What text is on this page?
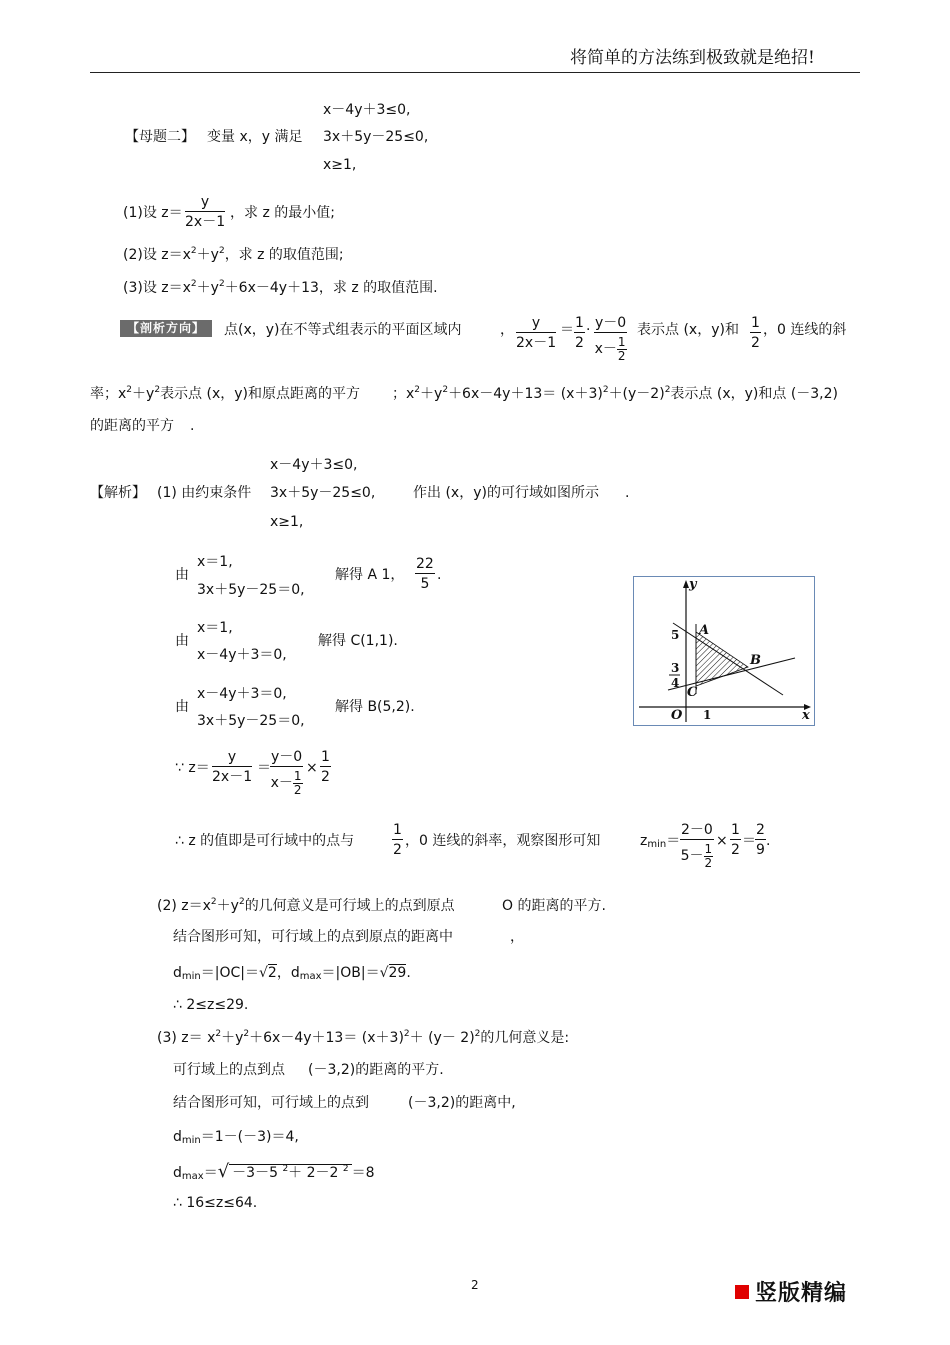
将简单的方法练到极致就是绝招!
【母题二】 变量 x，y 满足
x－4y＋3≤0,
3x＋5y－25≤0,
x≥1,
(1)设 $z= \frac{y}{2x-1}$ ，求 z 的最小值;
(2)设 $z=x^2+y^2$，求 z 的取值范围;
(3)设 $z=x^2+y^2+6x-4y+13$，求 z 的取值范围.
【剖析方向】	点(x，y)在不等式组表示的平面区域内	， $\frac{y}{2x-1} = \frac{1}{2} \cdot \frac{y-0}{x- \frac{1}{2}}$ 表示点 (x，y)和 $\frac{1}{2}$ ，0 连线的斜
率；$x^2+y^2$表示点 (x，y)和原点距离的平方 ；$x^2+y^2+6x-4y+13= (x+3)^2+(y-2)^2$表示点 (x，y)和点 (－3,2)
的距离的平方 .
【解析】 (1) 由约束条件
x－4y＋3≤0,
3x＋5y－25≤0,
x≥1,
作出 (x，y)的可行域如图所示 .
由
x＝1,
3x＋5y－25＝0,
解得 A 1， $\frac{22}{5}$ .
由
x＝1,
x－4y＋3＝0,
解得 C(1,1).
由
x－4y＋3＝0,
3x＋5y－25＝0,
解得 B(5,2).
∵ $z= \frac{y}{2x-1} = \frac{y-0}{x- \frac{1}{2}} \times \frac{1}{2}$
∴ z 的值即是可行域中的点与	$\frac{1}{2}$ ，0 连线的斜率，观察图形可知	$z_{min}= \frac{2-0}{5- \frac{1}{2}} \times \frac{1}{2} = \frac{2}{9}$ .
(2) $z=x^2+y^2$的几何意义是可行域上的点到原点	O 的距离的平方.
结合图形可知，可行域上的点到原点的距离中	，
$d_{min}=|OC|=√2$，$d_{max}=|OB|=√29$.
∴ 2≤z≤29.
(3) $z= x^2+y^2+6x-4y+13= (x+3)^2+ (y- 2)^2$的几何意义是:
可行域上的点到点 (－3,2)的距离的平方.
结合图形可知，可行域上的点到	(－3,2)的距离中,
$d_{min}=1-(-3)=4$,
$d_{max}=√ -3-5$ $^2$＋ 2－2 $^2$ ＝8
∴ 16≤z≤64.
y
x
A
B
C
O
5
3
4
1
2	竖版精编
